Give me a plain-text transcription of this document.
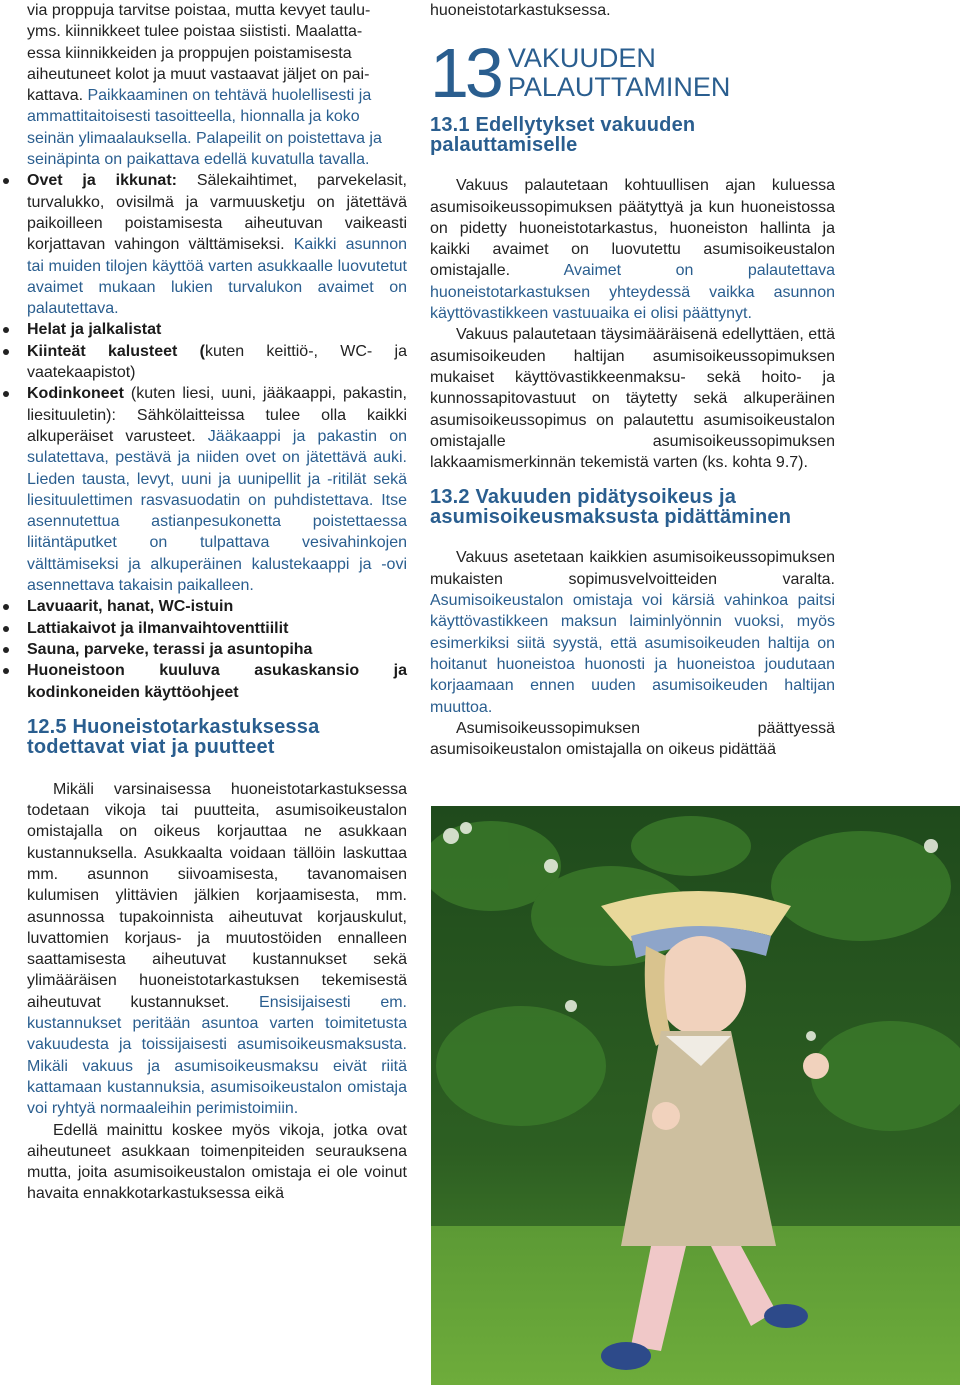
via proppuja tarvitse poistaa, mutta kevyet taulu-
yms. kiinnikkeet tulee poistaa siististi. Maalatta-
essa kiinnikkeiden ja proppujen poistamisesta
aiheutuneet kolot ja muut vastaavat jäljet on pai-
kattava. Paikkaaminen on tehtävä huolellisesti ja ammattitaitoisesti tasoitteella, hionnalla ja koko seinän ylimaalauksella. Palapeilit on poistettava ja seinäpinta on paikattava edellä kuvatulla tavalla.

Ovet ja ikkunat: Sälekaihtimet, parvekelasit, turvalukko, ovisilmä ja varmuusketju on jätettävä paikoilleen poistamisesta aiheutuvan vaikeasti korjattavan vahingon välttämiseksi. Kaikki asunnon tai muiden tilojen käyttöä varten asukkaalle luovutetut avaimet mukaan lukien turvalukon avaimet on palautettava.
Helat ja jalkalistat
Kiinteät kalusteet (kuten keittiö-, WC- ja vaatekaapistot)
Kodinkoneet (kuten liesi, uuni, jääkaappi, pakastin, liesituuletin): Sähkölaitteissa tulee olla kaikki alkuperäiset varusteet. Jääkaappi ja pakastin on sulatettava, pestävä ja niiden ovet on jätettävä auki. Lieden tausta, levyt, uuni ja uunipellit ja -ritilät sekä liesituulettimen rasvasuodatin on puhdistettava. Itse asennutettua astianpesukonetta poistettaessa liitäntäputket on tulpattava vesivahinkojen välttämiseksi ja alkuperäinen kalustekaappi ja -ovi asennettava takaisin paikalleen.
Lavuaarit, hanat, WC-istuin
Lattiakaivot ja ilmanvaihtoventtiilit
Sauna, parveke, terassi ja asuntopiha
Huoneistoon kuuluva asukaskansio ja kodinkoneiden käyttöohjeet
12.5 Huoneistotarkastuksessa
todettavat viat ja puutteet

Mikäli varsinaisessa huoneistotarkastuksessa todetaan vikoja tai puutteita, asumisoikeustalon omistajalla on oikeus korjauttaa ne asukkaan kustannuksella. Asukkaalta voidaan tällöin laskuttaa mm. asunnon siivoamisesta, tavanomaisen kulumisen ylittävien jälkien korjaamisesta, mm. asunnossa tupakoinnista aiheutuvat korjauskulut, luvattomien korjaus- ja muutostöiden ennalleen saattamisesta aiheutuvat kustannukset sekä ylimääräisen huoneistotarkastuksen tekemisestä aiheutuvat kustannukset. Ensisijaisesti em. kustannukset peritään asuntoa varten toimitetusta vakuudesta ja toissijaisesti asumisoikeusmaksusta. Mikäli vakuus ja asumisoikeusmaksu eivät riitä kattamaan kustannuksia, asumisoikeustalon omistaja voi ryhtyä normaaleihin perimistoimiin.

Edellä mainittu koskee myös vikoja, jotka ovat aiheutuneet asukkaan toimenpiteiden seurauksena mutta, joita asumisoikeustalon omistaja ei ole voinut havaita ennakkotarkastuksessa eikä

huoneistotarkastuksessa.

13 VAKUUDEN
PALAUTTAMINEN
13.1 Edellytykset vakuuden
palauttamiselle

Vakuus palautetaan kohtuullisen ajan kuluessa asumisoikeussopimuksen päätyttyä ja kun huoneistossa on pidetty huoneistotarkastus, huoneiston hallinta ja kaikki avaimet on luovutettu asumisoikeustalon omistajalle. Avaimet on palautettava huoneistotarkastuksen yhteydessä vaikka asunnon käyttövastikkeen vastuuaika ei olisi päättynyt.

Vakuus palautetaan täysimääräisenä edellyttäen, että asumisoikeuden haltijan asumisoikeussopimuksen mukaiset käyttövastikkeenmaksu- sekä hoito- ja kunnossapitovastuut on täytetty sekä alkuperäinen asumisoikeussopimus on palautettu asumisoikeustalon omistajalle asumisoikeussopimuksen lakkaamismerkinnän tekemistä varten (ks. kohta 9.7).

13.2 Vakuuden pidätysoikeus ja
asumisoikeusmaksusta pidättäminen

Vakuus asetetaan kaikkien asumisoikeussopimuksen mukaisten sopimusvelvoitteiden varalta. Asumisoikeustalon omistaja voi kärsiä vahinkoa paitsi käyttövastikkeen maksun laiminlyönnin vuoksi, myös esimerkiksi siitä syystä, että asumisoikeuden haltija on hoitanut huoneistoa huonosti ja huoneistoa joudutaan korjaamaan ennen uuden asumisoikeuden haltijan muuttoa.

Asumisoikeussopimuksen päättyessä asumisoikeustalon omistajalla on oikeus pidättää
